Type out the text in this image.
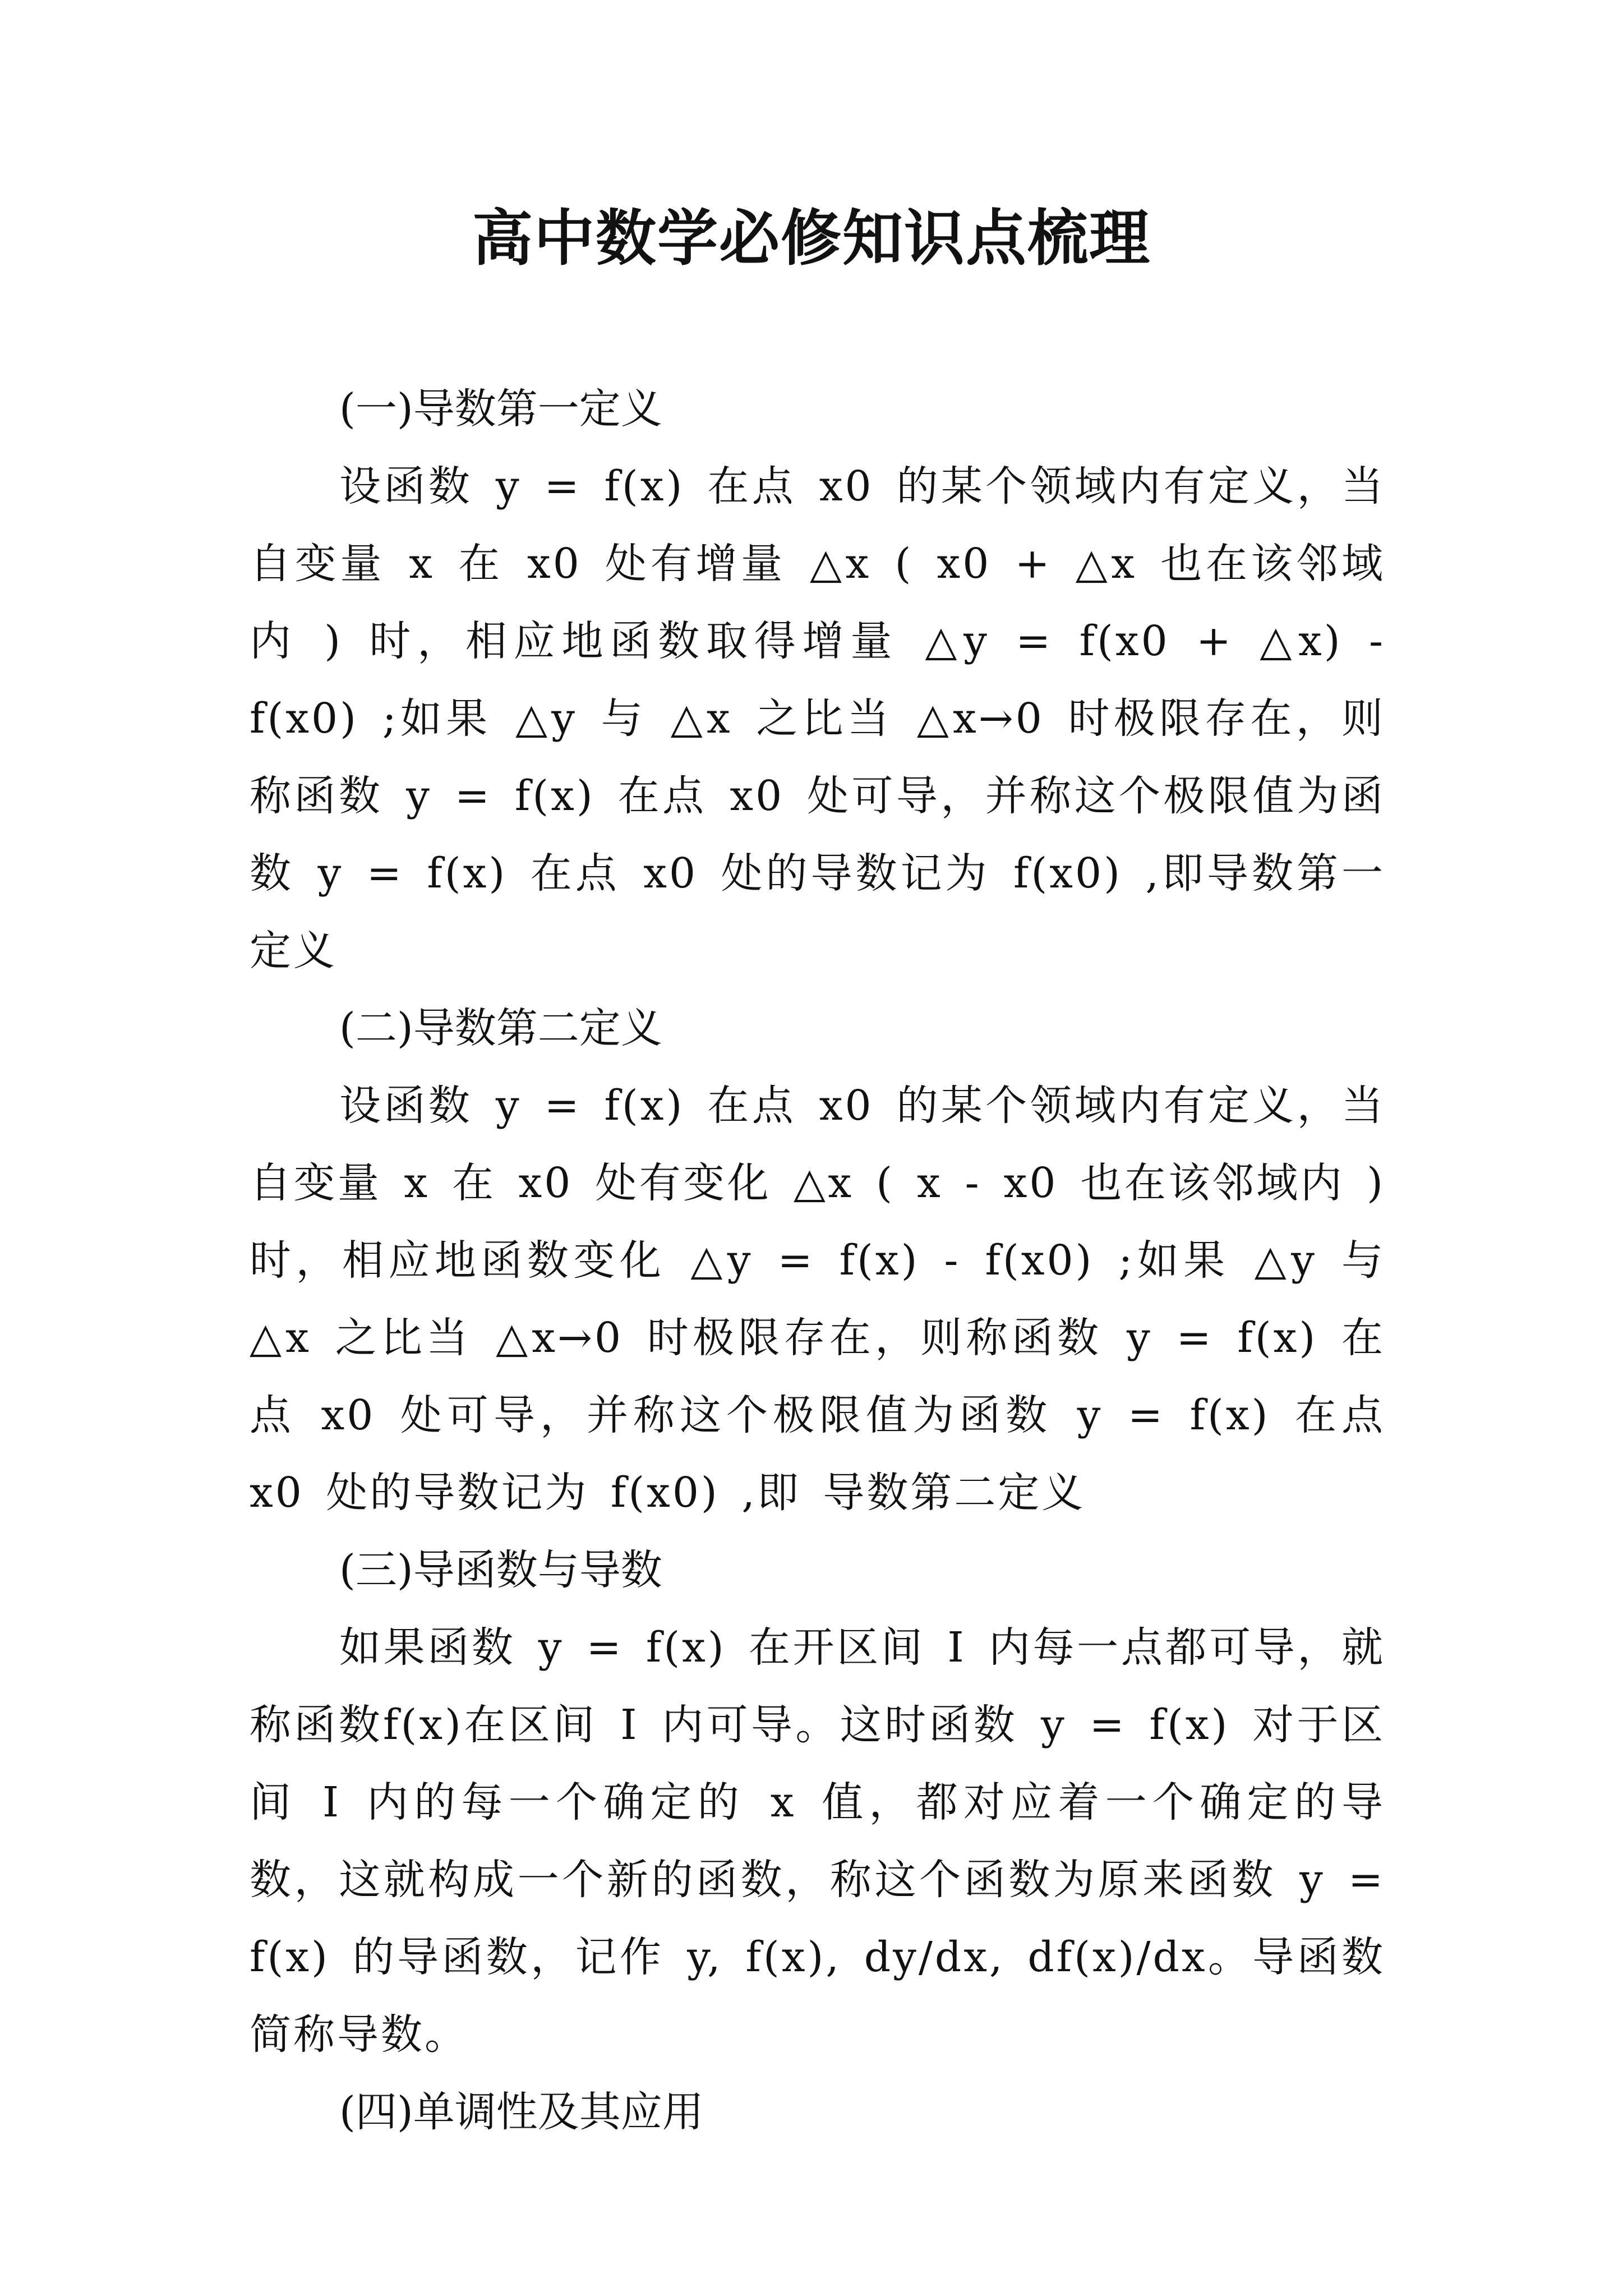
高中数学必修知识点梳理

(一)导数第一定义

设函数 y = f(x) 在点 x0 的某个领域内有定义，当自变量 x 在 x0 处有增量 △x ( x0 + △x 也在该邻域内 ) 时，相应地函数取得增量 △y = f(x0 + △x) - f(x0) ;如果 △y 与 △x 之比当 △x→0 时极限存在，则称函数 y = f(x) 在点 x0 处可导，并称这个极限值为函数 y = f(x) 在点 x0 处的导数记为 f(x0) ,即导数第一定义

(二)导数第二定义

设函数 y = f(x) 在点 x0 的某个领域内有定义，当自变量 x 在 x0 处有变化 △x ( x - x0 也在该邻域内 ) 时，相应地函数变化 △y = f(x) - f(x0) ;如果 △y 与 △x 之比当 △x→0 时极限存在，则称函数 y = f(x) 在点 x0 处可导，并称这个极限值为函数 y = f(x) 在点 x0 处的导数记为 f(x0) ,即 导数第二定义

(三)导函数与导数

如果函数 y = f(x) 在开区间 I 内每一点都可导，就称函数f(x)在区间 I 内可导。这时函数 y = f(x) 对于区间 I 内的每一个确定的 x 值，都对应着一个确定的导数，这就构成一个新的函数，称这个函数为原来函数 y = f(x) 的导函数，记作 y, f(x), dy/dx, df(x)/dx。导函数简称导数。

(四)单调性及其应用
